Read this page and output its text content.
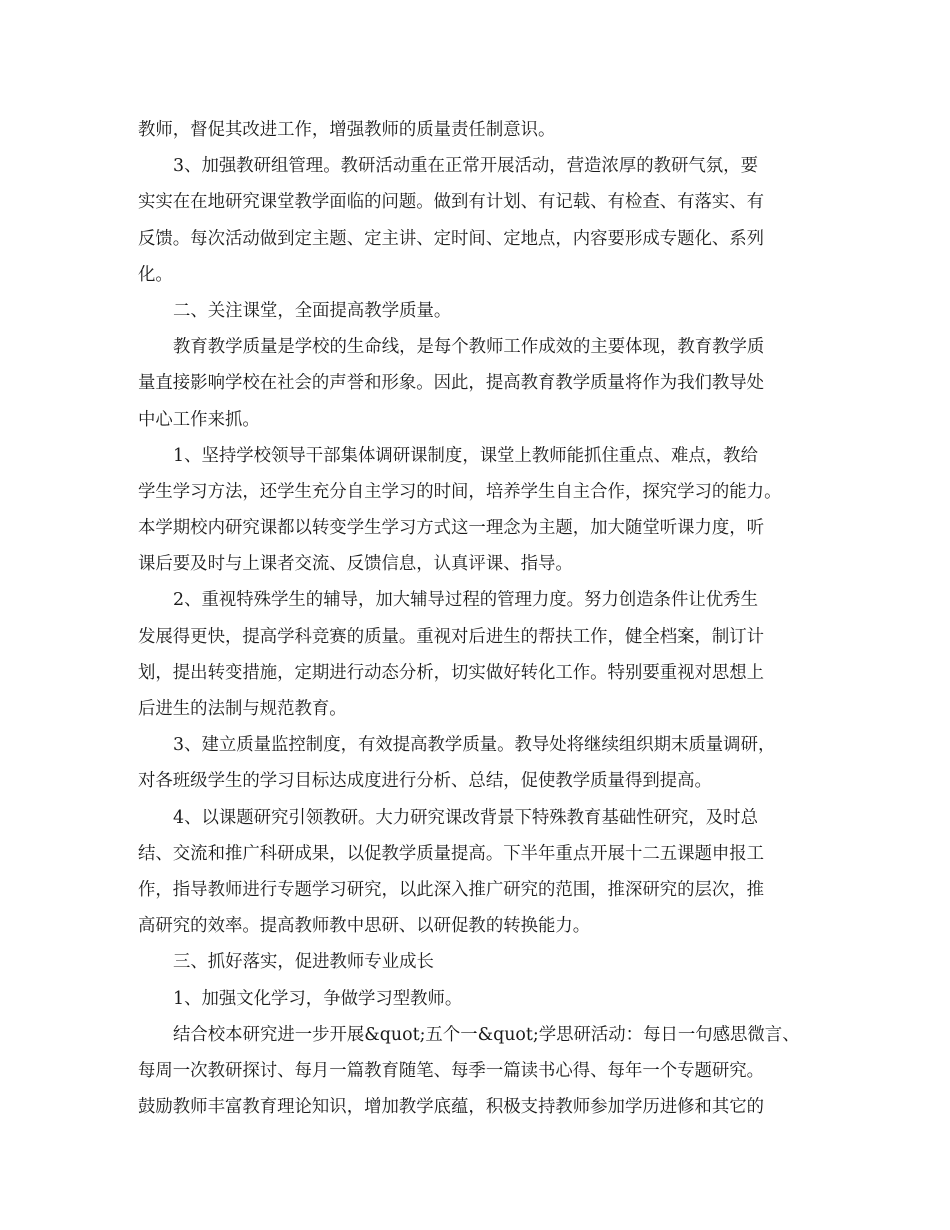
教师，督促其改进工作，增强教师的质量责任制意识。
3、加强教研组管理。教研活动重在正常开展活动，营造浓厚的教研气氛，要
实实在在地研究课堂教学面临的问题。做到有计划、有记载、有检查、有落实、有
反馈。每次活动做到定主题、定主讲、定时间、定地点，内容要形成专题化、系列
化。
二、关注课堂，全面提高教学质量。
教育教学质量是学校的生命线，是每个教师工作成效的主要体现，教育教学质
量直接影响学校在社会的声誉和形象。因此，提高教育教学质量将作为我们教导处
中心工作来抓。
1、坚持学校领导干部集体调研课制度，课堂上教师能抓住重点、难点，教给
学生学习方法，还学生充分自主学习的时间，培养学生自主合作，探究学习的能力。
本学期校内研究课都以转变学生学习方式这一理念为主题，加大随堂听课力度，听
课后要及时与上课者交流、反馈信息，认真评课、指导。
2、重视特殊学生的辅导，加大辅导过程的管理力度。努力创造条件让优秀生
发展得更快，提高学科竞赛的质量。重视对后进生的帮扶工作，健全档案，制订计
划，提出转变措施，定期进行动态分析，切实做好转化工作。特别要重视对思想上
后进生的法制与规范教育。
3、建立质量监控制度，有效提高教学质量。教导处将继续组织期末质量调研，
对各班级学生的学习目标达成度进行分析、总结，促使教学质量得到提高。
4、以课题研究引领教研。大力研究课改背景下特殊教育基础性研究，及时总
结、交流和推广科研成果，以促教学质量提高。下半年重点开展十二五课题申报工
作，指导教师进行专题学习研究，以此深入推广研究的范围，推深研究的层次，推
高研究的效率。提高教师教中思研、以研促教的转换能力。
三、抓好落实，促进教师专业成长
1、加强文化学习，争做学习型教师。
结合校本研究进一步开展&quot;五个一&quot;学思研活动：每日一句感思微言、
每周一次教研探讨、每月一篇教育随笔、每季一篇读书心得、每年一个专题研究。
鼓励教师丰富教育理论知识，增加教学底蕴，积极支持教师参加学历进修和其它的
